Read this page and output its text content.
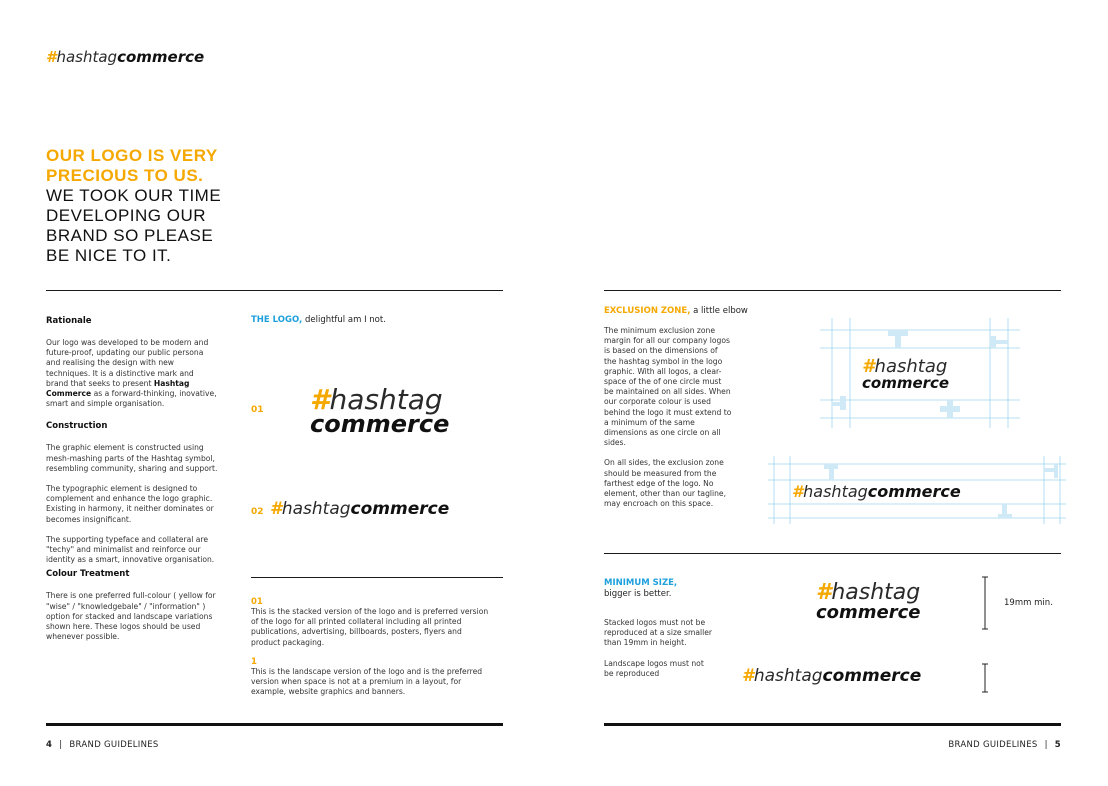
#hashtagcommerce
OUR LOGO IS VERY
PRECIOUS TO US.
WE TOOK OUR TIME
DEVELOPING OUR
BRAND SO PLEASE
BE NICE TO IT.
Rationale
Our logo was developed to be modern and future-proof, updating our public persona and realising the design with new techniques. It is a distinctive mark and brand that seeks to present Hashtag Commerce as a forward-thinking, inovative, smart and simple organisation.
Construction

The graphic element is constructed using mesh-mashing parts of the Hashtag symbol, resembling community, sharing and support.

The typographic element is designed to complement and enhance the logo graphic. Existing in harmony, it neither dominates or becomes insignificant.

The supporting typeface and collateral are "techy" and minimalist and reinforce our identity as a smart, innovative organisation.

Colour Treatment
There is one preferred full-colour ( yellow for "wise" / "knowledgebale" / "information" ) option for stacked and landscape variations shown here. These logos should be used whenever possible.
THE LOGO, delightful am I not.
01 #hashtag
commerce
02 #hashtagcommerce
01
This is the stacked version of the logo and is preferred version of the logo for all printed collateral including all printed publications, advertising, billboards, posters, flyers and product packaging.
1
This is the landscape version of the logo and is the preferred version when space is not at a premium in a layout, for example, website graphics and banners.
4 | BRAND GUIDELINES
EXCLUSION ZONE, a little elbow

The minimum exclusion zone margin for all our company logos is based on the dimensions of the hashtag symbol in the logo graphic. With all logos, a clear-space of the of one circle must be maintained on all sides. When our corporate colour is used behind the logo it must extend to a minimum of the same dimensions as one circle on all sides.

On all sides, the exclusion zone should be measured from the farthest edge of the logo. No element, other than our tagline, may encroach on this space.

#hashtag
commerce
#hashtagcommerce
MINIMUM SIZE,
bigger is better.

Stacked logos must not be reproduced at a size smaller than 19mm in height.

Landscape logos must not be reproduced

#hashtag
commerce	19mm min.
#hashtagcommerce
BRAND GUIDELINES | 5
